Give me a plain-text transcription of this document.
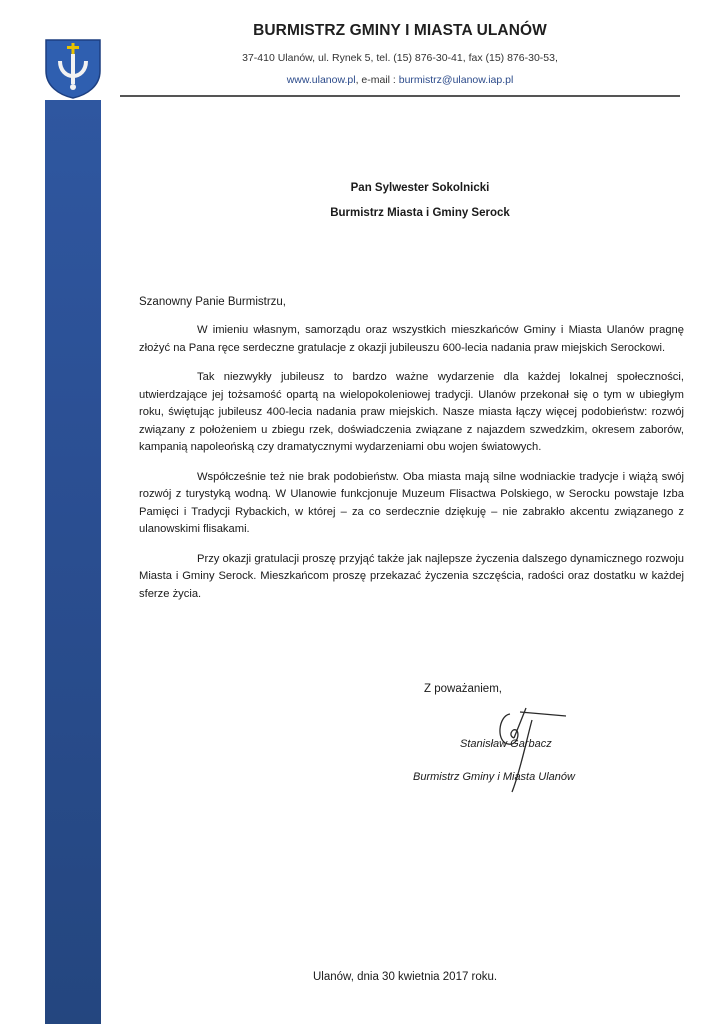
BURMISTRZ GMINY I MIASTA ULANÓW
37-410 Ulanów, ul. Rynek 5, tel. (15) 876-30-41, fax (15) 876-30-53,
www.ulanow.pl, e-mail : burmistrz@ulanow.iap.pl
Pan Sylwester Sokolnicki
Burmistrz Miasta i Gminy Serock
Szanowny Panie Burmistrzu,

W imieniu własnym, samorządu oraz wszystkich mieszkańców Gminy i Miasta Ulanów pragnę złożyć na Pana ręce serdeczne gratulacje z okazji jubileuszu 600-lecia nadania praw miejskich Serockowi.

Tak niezwykły jubileusz to bardzo ważne wydarzenie dla każdej lokalnej społeczności, utwierdzające jej tożsamość opartą na wielopokoleniowej tradycji. Ulanów przekonał się o tym w ubiegłym roku, świętując jubileusz 400-lecia nadania praw miejskich. Nasze miasta łączy więcej podobieństw: rozwój związany z położeniem u zbiegu rzek, doświadczenia związane z najazdem szwedzkim, okresem zaborów, kampanią napoleońską czy dramatycznymi wydarzeniami obu wojen światowych.

Współcześnie też nie brak podobieństw. Oba miasta mają silne wodniackie tradycje i wiążą swój rozwój z turystyką wodną. W Ulanowie funkcjonuje Muzeum Flisactwa Polskiego, w Serocku powstaje Izba Pamięci i Tradycji Rybackich, w której – za co serdecznie dziękuję – nie zabrakło akcentu związanego z ulanowskimi flisakami.

Przy okazji gratulacji proszę przyjąć także jak najlepsze życzenia dalszego dynamicznego rozwoju Miasta i Gminy Serock. Mieszkańcom proszę przekazać życzenia szczęścia, radości oraz dostatku w każdej sferze życia.

Z poważaniem,
Stanisław Garbacz
Burmistrz Gminy i Miasta Ulanów
Ulanów, dnia 30 kwietnia 2017 roku.
